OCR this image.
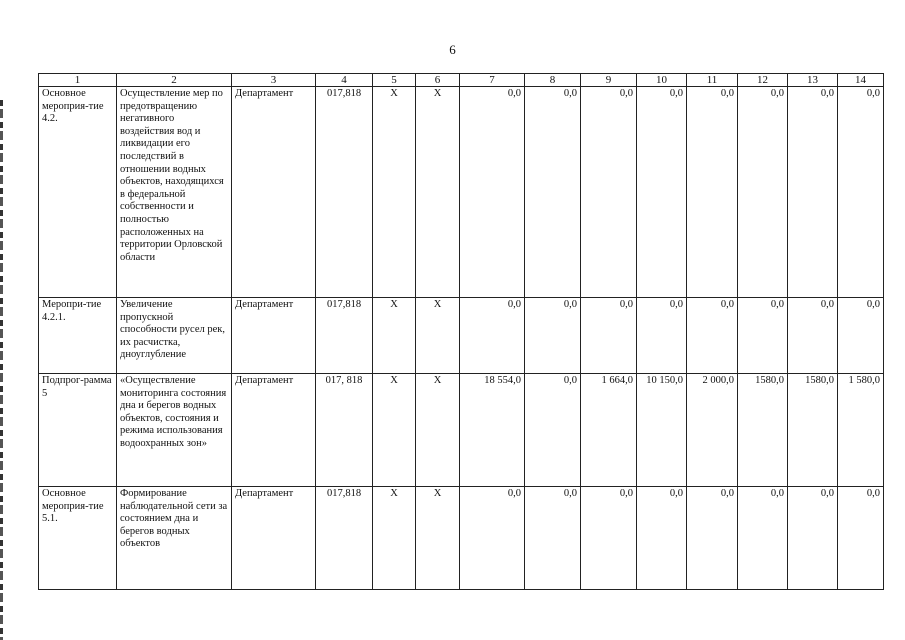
6
1	2	3	4	5	6	7	8	9	10	11	12	13	14
Основное мероприя-тие 4.2.	Осуществление мер по предотвращению негативного воздействия вод и ликвидации его последствий в отношении водных объектов, находящихся в федеральной собственности и полностью расположенных на территории Орловской области	Департамент	017,818	X	X	0,0	0,0	0,0	0,0	0,0	0,0	0,0	0,0
Меропри-тие 4.2.1.	Увеличение пропускной способности русел рек, их расчистка, дноуглубление	Департамент	017,818	X	X	0,0	0,0	0,0	0,0	0,0	0,0	0,0	0,0
Подпрог-рамма 5	«Осуществление мониторинга состояния дна и берегов водных объектов, состояния и режима использования водоохранных зон»	Департамент	017, 818	X	X	18 554,0	0,0	1 664,0	10 150,0	2 000,0	1580,0	1580,0	1 580,0
Основное мероприя-тие 5.1.	Формирование наблюдательной сети за состоянием дна и берегов водных объектов	Департамент	017,818	X	X	0,0	0,0	0,0	0,0	0,0	0,0	0,0	0,0
